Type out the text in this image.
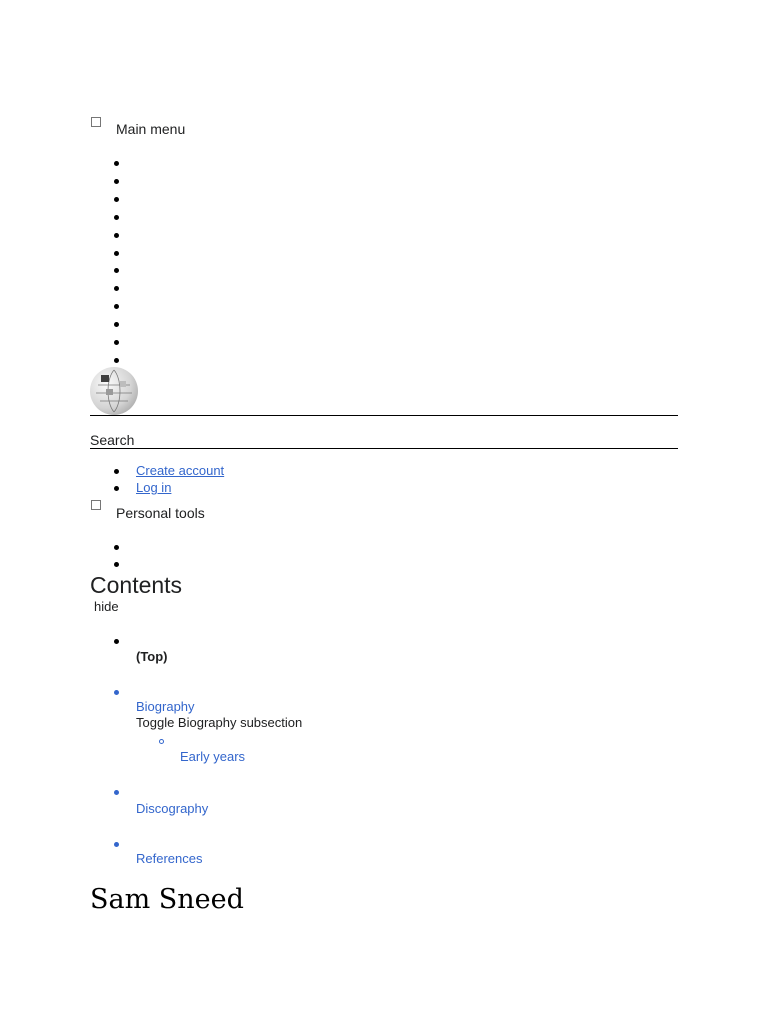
Main menu
Search
Create account
Log in
Personal tools
Contents
hide
(Top)
Biography
Toggle Biography subsection
Early years
Discography
References
Sam Sneed
